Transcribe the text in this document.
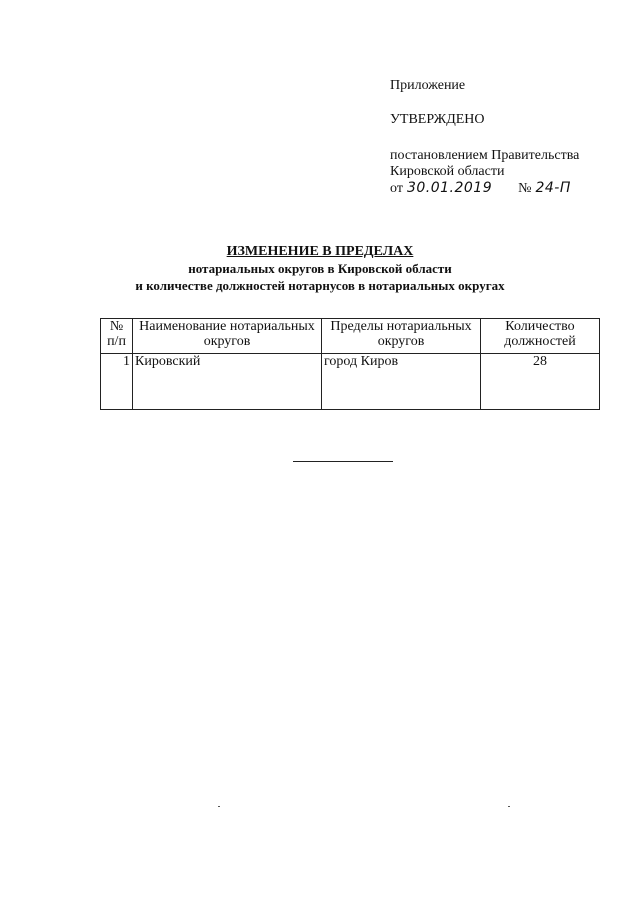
Приложение
УТВЕРЖДЕНО
постановлением Правительства
Кировской области
от 30.01.2019 № 24-П
ИЗМЕНЕНИЕ В ПРЕДЕЛАХ
нотариальных округов в Кировской области
и количестве должностей нотарнусов в нотариальных округах
№ п/п	Наименование нотариальных округов	Пределы нотариальных округов	Количество должностей
1	Кировский	город Киров	28
